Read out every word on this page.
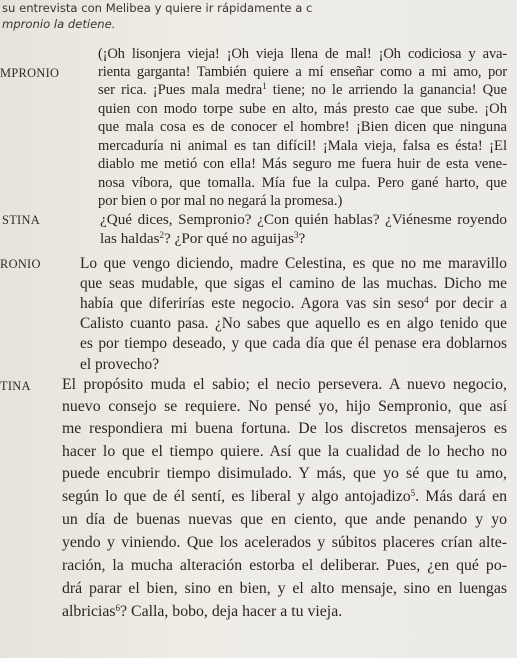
su entrevista con Melibea y quiere ir rápidamente a c
mpronio la detiene.
MPRONIO
(¡Oh lisonjera vieja! ¡Oh vieja llena de mal! ¡Oh codiciosa y ava-
rienta garganta! También quiere a mí enseñar como a mi amo, por
ser rica. ¡Pues mala medra$^1$ tiene; no le arriendo la ganancia! Que
quien con modo torpe sube en alto, más presto cae que sube. ¡Oh
que mala cosa es de conocer el hombre! ¡Bien dicen que ninguna
mercaduría ni animal es tan difícil! ¡Mala vieja, falsa es ésta! ¡El
diablo me metió con ella! Más seguro me fuera huir de esta vene-
nosa víbora, que tomalla. Mía fue la culpa. Pero gané harto, que
por bien o por mal no negará la promesa.)
STINA	¿Qué dices, Sempronio? ¿Con quién hablas? ¿Viénesme royendo
las haldas$^2$? ¿Por qué no aguijas$^3$?
RONIO	Lo que vengo diciendo, madre Celestina, es que no me maravillo
que seas mudable, que sigas el camino de las muchas. Dicho me
había que diferirías este negocio. Agora vas sin seso$^4$ por decir a
Calisto cuanto pasa. ¿No sabes que aquello es en algo tenido que
es por tiempo deseado, y que cada día que él penase era doblarnos
el provecho?
TINA El propósito muda el sabio; el necio persevera. A nuevo negocio,
nuevo consejo se requiere. No pensé yo, hijo Sempronio, que así
me respondiera mi buena fortuna. De los discretos mensajeros es
hacer lo que el tiempo quiere. Así que la cualidad de lo hecho no
puede encubrir tiempo disimulado. Y más, que yo sé que tu amo,
según lo que de él sentí, es liberal y algo antojadizo$^5$. Más dará en
un día de buenas nuevas que en ciento, que ande penando y yo
yendo y viniendo. Que los acelerados y súbitos placeres crían alte-
ración, la mucha alteración estorba el deliberar. Pues, ¿en qué po-
drá parar el bien, sino en bien, y el alto mensaje, sino en luengas
albricias$^6$? Calla, bobo, deja hacer a tu vieja.
